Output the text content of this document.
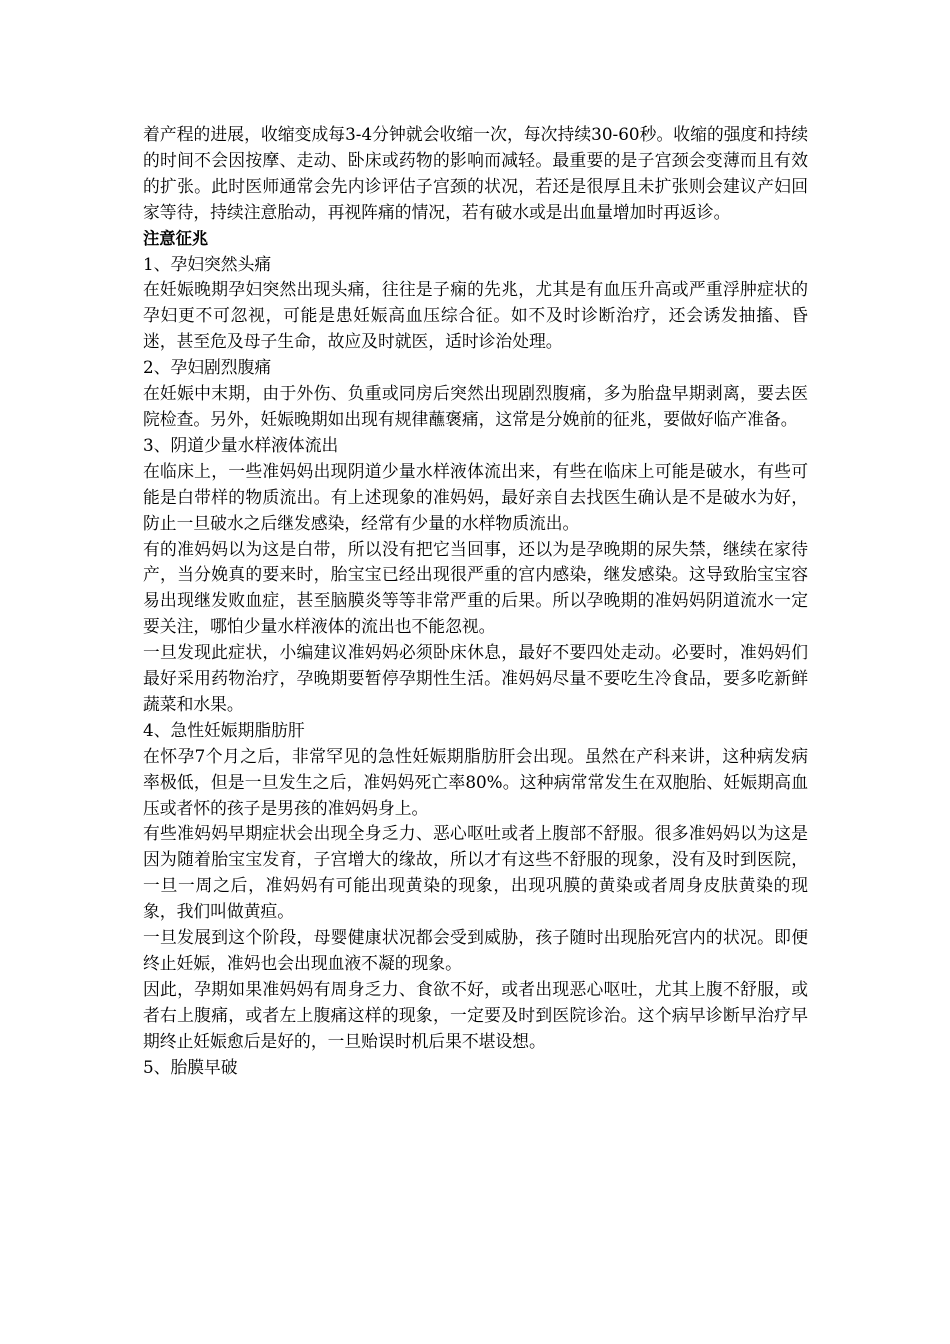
着产程的进展，收缩变成每3-4分钟就会收缩一次，每次持续30-60秒。收缩的强度和持续的时间不会因按摩、走动、卧床或药物的影响而减轻。最重要的是子宫颈会变薄而且有效的扩张。此时医师通常会先内诊评估子宫颈的状况，若还是很厚且未扩张则会建议产妇回家等待，持续注意胎动，再视阵痛的情况，若有破水或是出血量增加时再返诊。

注意征兆

1、孕妇突然头痛

在妊娠晚期孕妇突然出现头痛，往往是子痫的先兆，尤其是有血压升高或严重浮肿症状的孕妇更不可忽视，可能是患妊娠高血压综合征。如不及时诊断治疗，还会诱发抽搐、昏迷，甚至危及母子生命，故应及时就医，适时诊治处理。

2、孕妇剧烈腹痛

在妊娠中末期，由于外伤、负重或同房后突然出现剧烈腹痛，多为胎盘早期剥离，要去医院检查。另外，妊娠晚期如出现有规律蘸褒痛，这常是分娩前的征兆，要做好临产准备。

3、阴道少量水样液体流出

在临床上，一些准妈妈出现阴道少量水样液体流出来，有些在临床上可能是破水，有些可能是白带样的物质流出。有上述现象的准妈妈，最好亲自去找医生确认是不是破水为好，防止一旦破水之后继发感染，经常有少量的水样物质流出。

有的准妈妈以为这是白带，所以没有把它当回事，还以为是孕晚期的尿失禁，继续在家待产，当分娩真的要来时，胎宝宝已经出现很严重的宫内感染，继发感染。这导致胎宝宝容易出现继发败血症，甚至脑膜炎等等非常严重的后果。所以孕晚期的准妈妈阴道流水一定要关注，哪怕少量水样液体的流出也不能忽视。

一旦发现此症状，小编建议准妈妈必须卧床休息，最好不要四处走动。必要时，准妈妈们最好采用药物治疗，孕晚期要暂停孕期性生活。准妈妈尽量不要吃生冷食品，要多吃新鲜蔬菜和水果。

4、急性妊娠期脂肪肝

在怀孕7个月之后，非常罕见的急性妊娠期脂肪肝会出现。虽然在产科来讲，这种病发病率极低，但是一旦发生之后，准妈妈死亡率80%。这种病常常发生在双胞胎、妊娠期高血压或者怀的孩子是男孩的准妈妈身上。

有些准妈妈早期症状会出现全身乏力、恶心呕吐或者上腹部不舒服。很多准妈妈以为这是因为随着胎宝宝发育，子宫增大的缘故，所以才有这些不舒服的现象，没有及时到医院，一旦一周之后，准妈妈有可能出现黄染的现象，出现巩膜的黄染或者周身皮肤黄染的现象，我们叫做黄疸。

一旦发展到这个阶段，母婴健康状况都会受到威胁，孩子随时出现胎死宫内的状况。即便终止妊娠，准妈也会出现血液不凝的现象。

因此，孕期如果准妈妈有周身乏力、食欲不好，或者出现恶心呕吐，尤其上腹不舒服，或者右上腹痛，或者左上腹痛这样的现象，一定要及时到医院诊治。这个病早诊断早治疗早期终止妊娠愈后是好的，一旦贻误时机后果不堪设想。

5、胎膜早破
